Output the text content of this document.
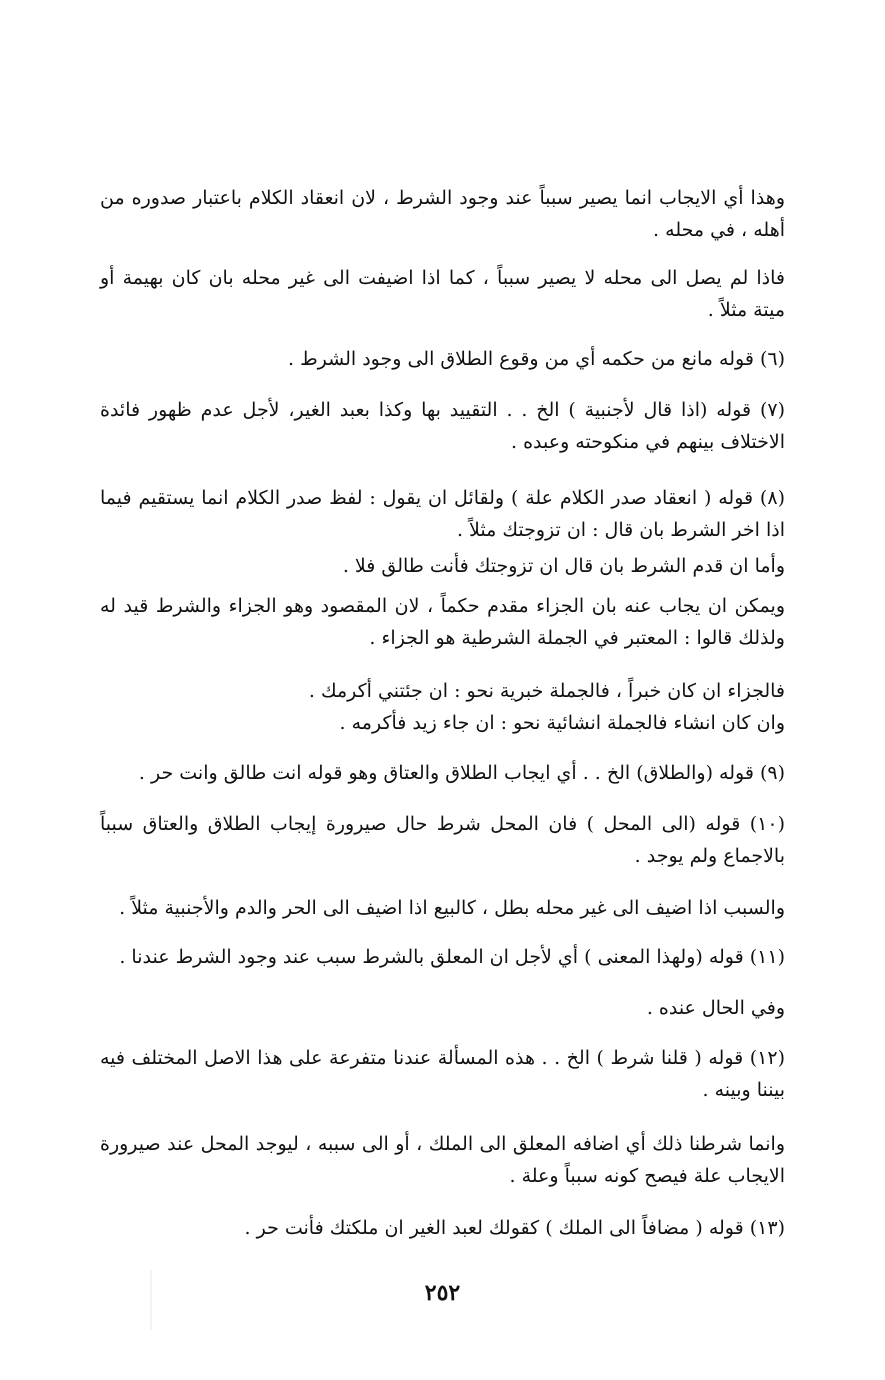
وهذا أي الايجاب انما يصير سبباً عند وجود الشرط ، لان انعقاد الكلام باعتبار صدوره من أهله ، في محله .
فاذا لم يصل الى محله لا يصير سبباً ، كما اذا اضيفت الى غير محله بان كان بهيمة أو ميتة مثلاً .
(٦) قوله مانع من حكمه أي من وقوع الطلاق الى وجود الشرط .
(٧) قوله (اذا قال لأجنبية ) الخ . . التقييد بها وكذا بعبد الغير، لأجل عدم ظهور فائدة الاختلاف بينهم في منكوحته وعبده .
(٨) قوله ( انعقاد صدر الكلام علة ) ولقائل ان يقول : لفظ صدر الكلام انما يستقيم فيما اذا اخر الشرط بان قال : ان تزوجتك مثلاً .
وأما ان قدم الشرط بان قال ان تزوجتك فأنت طالق فلا .
ويمكن ان يجاب عنه بان الجزاء مقدم حكماً ، لان المقصود وهو الجزاء والشرط قيد له ولذلك قالوا : المعتبر في الجملة الشرطية هو الجزاء .
فالجزاء ان كان خبراً ، فالجملة خبرية نحو : ان جئتني أكرمك .
وان كان انشاء فالجملة انشائية نحو : ان جاء زيد فأكرمه .
(٩) قوله (والطلاق) الخ . . أي ايجاب الطلاق والعتاق وهو قوله انت طالق وانت حر .
(١٠) قوله (الى المحل ) فان المحل شرط حال صيرورة إيجاب الطلاق والعتاق سبباً بالاجماع ولم يوجد .
والسبب اذا اضيف الى غير محله بطل ، كالبيع اذا اضيف الى الحر والدم والأجنبية مثلاً .
(١١) قوله (ولهذا المعنى ) أي لأجل ان المعلق بالشرط سبب عند وجود الشرط عندنا .
وفي الحال عنده .
(١٢) قوله ( قلنا شرط ) الخ . . هذه المسألة عندنا متفرعة على هذا الاصل المختلف فيه بيننا وبينه .
وانما شرطنا ذلك أي اضافه المعلق الى الملك ، أو الى سببه ، ليوجد المحل عند صيرورة الايجاب علة فيصح كونه سبباً وعلة .
(١٣) قوله ( مضافاً الى الملك ) كقولك لعبد الغير ان ملكتك فأنت حر .
٢٥٢
